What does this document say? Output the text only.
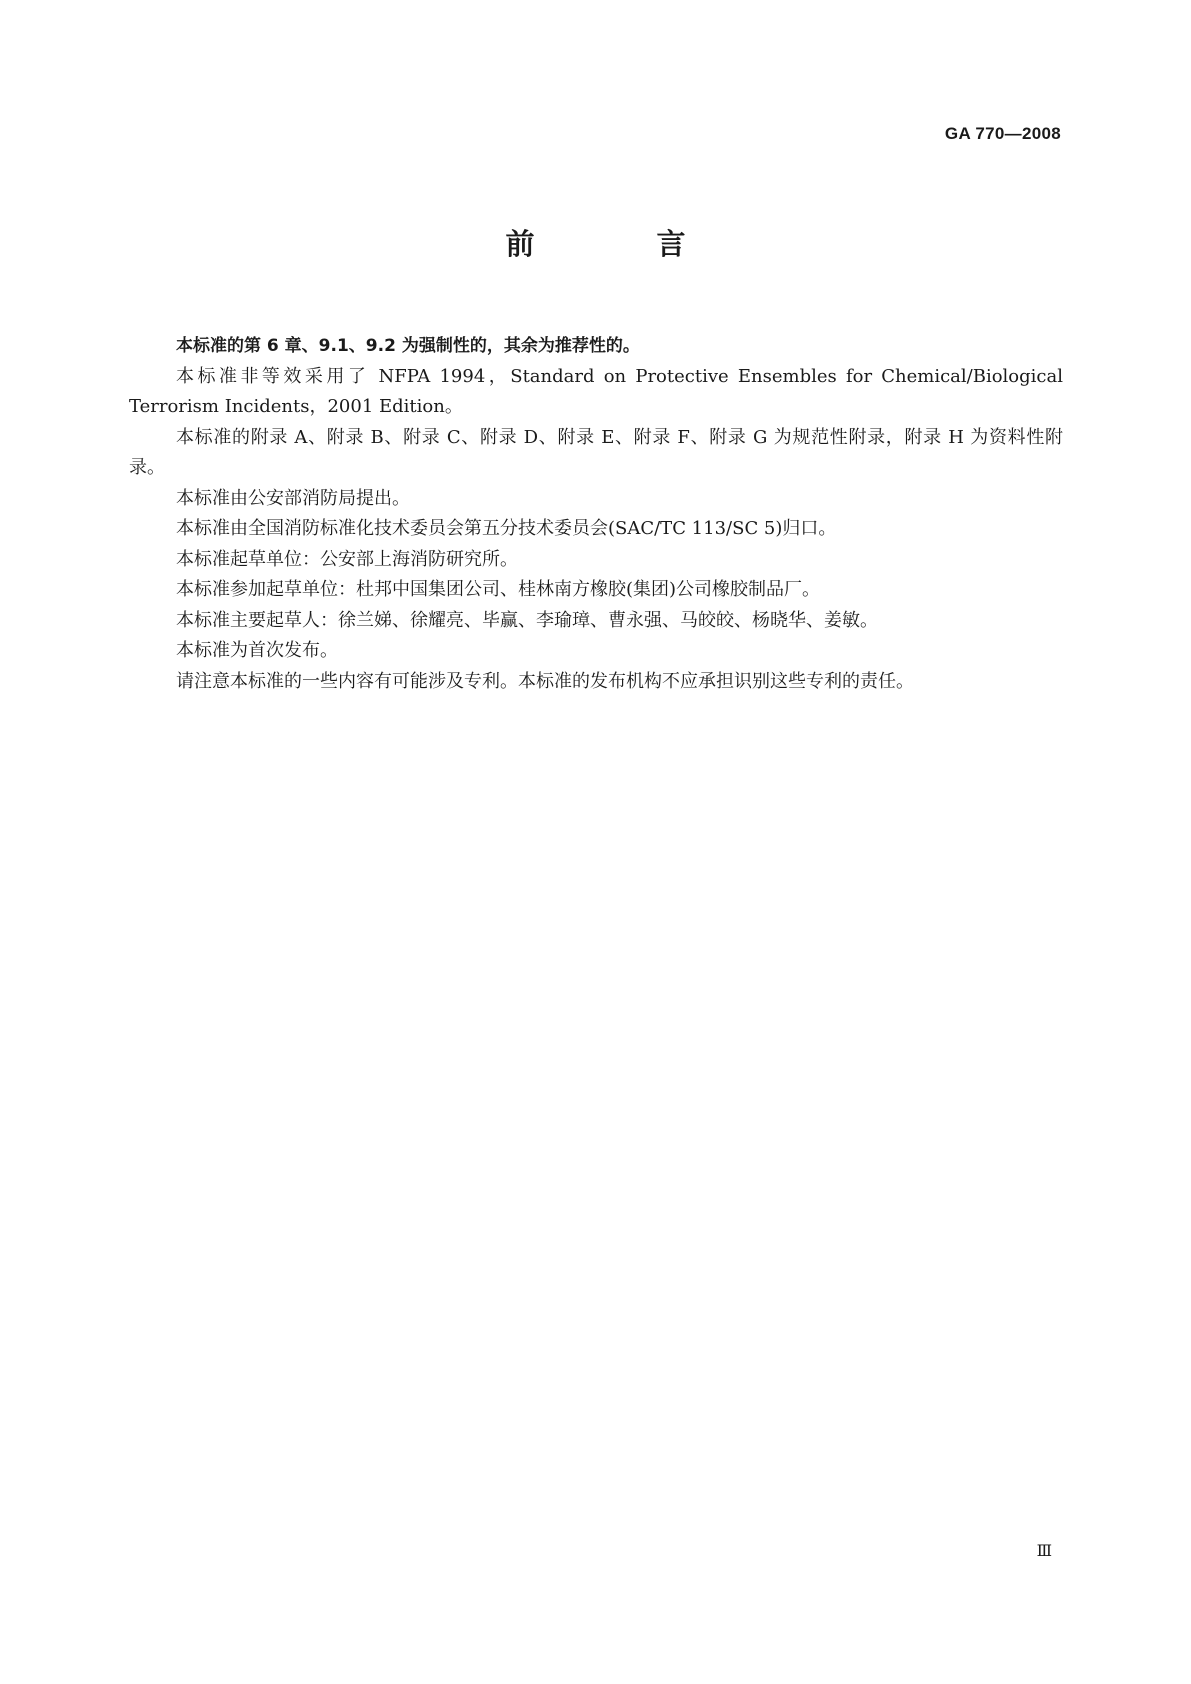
GA 770—2008
前 言

本标准的第 6 章、9.1、9.2 为强制性的，其余为推荐性的。

本标准非等效采用了 NFPA 1994，Standard on Protective Ensembles for Chemical/Biological Terrorism Incidents，2001 Edition。

本标准的附录 A、附录 B、附录 C、附录 D、附录 E、附录 F、附录 G 为规范性附录，附录 H 为资料性附录。

本标准由公安部消防局提出。

本标准由全国消防标准化技术委员会第五分技术委员会(SAC/TC 113/SC 5)归口。

本标准起草单位：公安部上海消防研究所。

本标准参加起草单位：杜邦中国集团公司、桂林南方橡胶(集团)公司橡胶制品厂。

本标准主要起草人：徐兰娣、徐耀亮、毕赢、李瑜璋、曹永强、马皎皎、杨晓华、姜敏。

本标准为首次发布。

请注意本标准的一些内容有可能涉及专利。本标准的发布机构不应承担识别这些专利的责任。

Ⅲ
